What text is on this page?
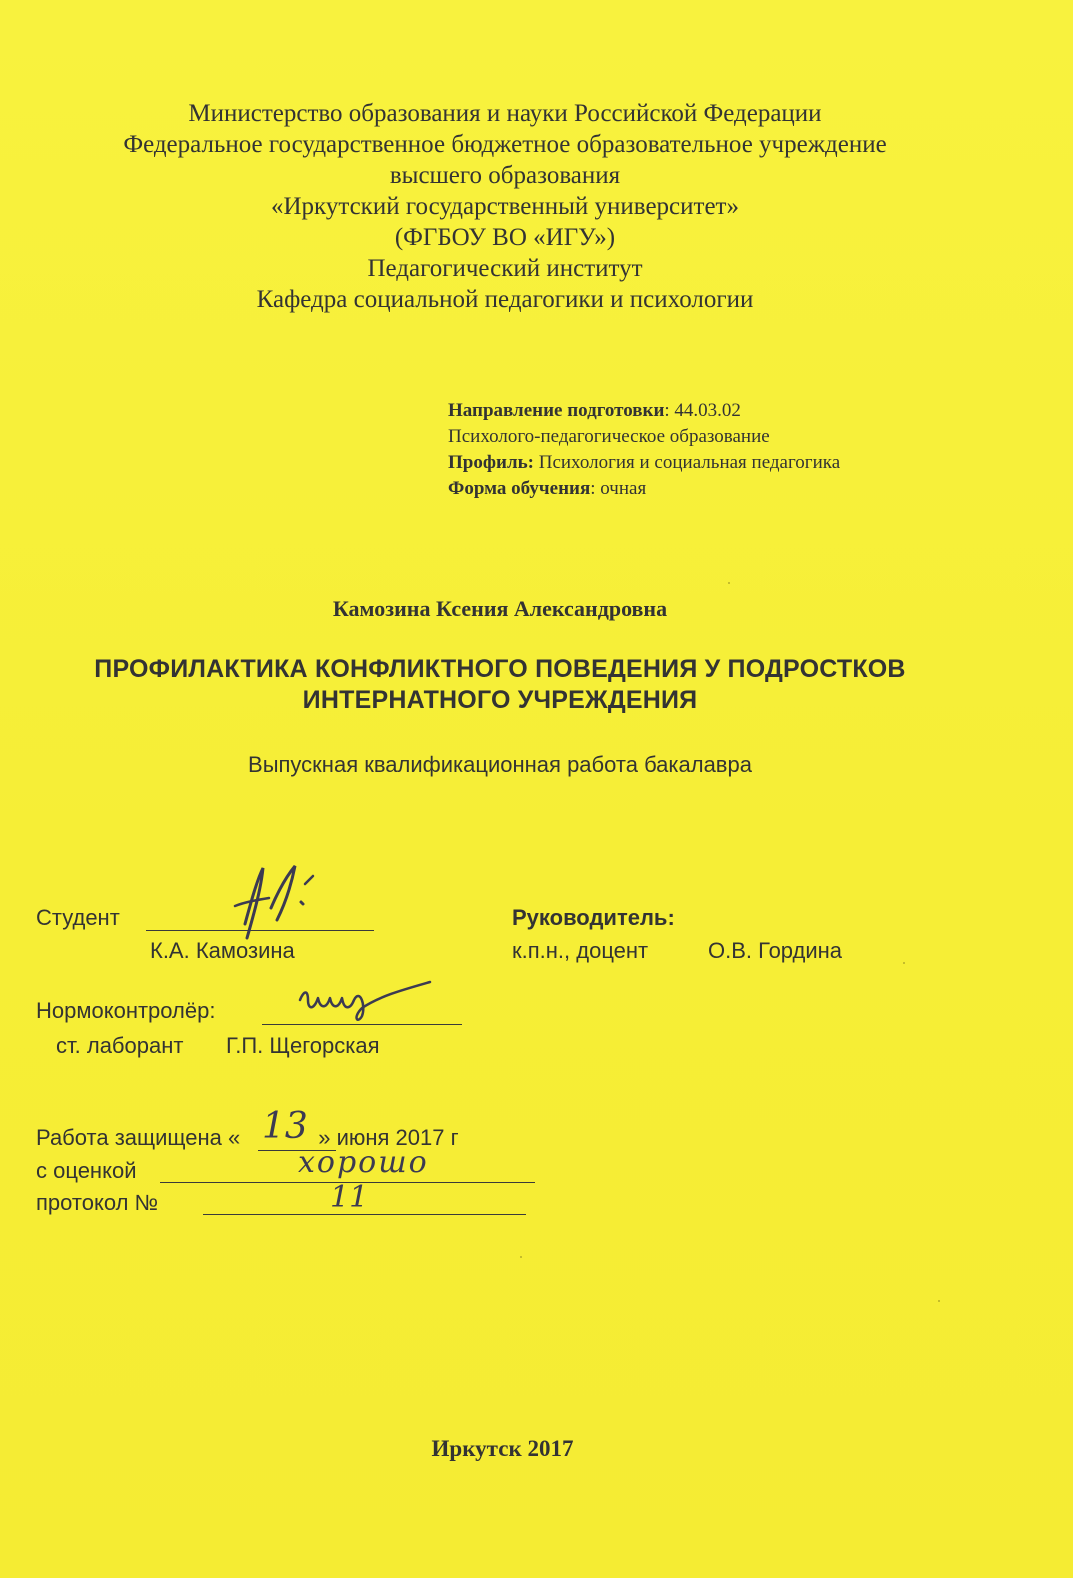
Министерство образования и науки Российской Федерации
Федеральное государственное бюджетное образовательное учреждение
высшего образования
«Иркутский государственный университет»
(ФГБОУ ВО «ИГУ»)
Педагогический институт
Кафедра социальной педагогики и психологии
Направление подготовки: 44.03.02
Психолого-педагогическое образование
Профиль: Психология и социальная педагогика
Форма обучения: очная
Камозина Ксения Александровна
ПРОФИЛАКТИКА КОНФЛИКТНОГО ПОВЕДЕНИЯ У ПОДРОСТКОВ
ИНТЕРНАТНОГО УЧРЕЖДЕНИЯ
Выпускная квалификационная работа бакалавра
Студент
К.А. Камозина
Руководитель:
к.п.н., доцент	О.В. Гордина
Нормоконтролёр:
ст. лаборант Г.П. Щегорская
Работа защищена «	» июня 2017 г
13
с оценкой	хорошо
протокол №	11
Иркутск 2017
